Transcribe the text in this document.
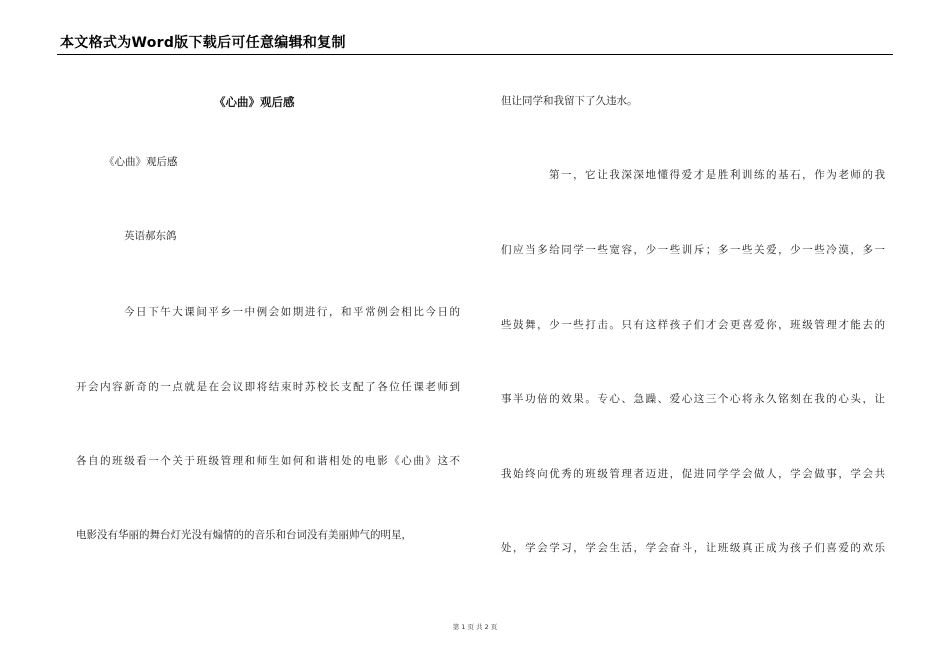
本文格式为Word版下载后可任意编辑和复制
《心曲》观后感
《心曲》观后感
英语郝东鸽
今日下午大课间平乡一中例会如期进行，和平常例会相比今日的
开会内容新奇的一点就是在会议即将结束时苏校长支配了各位任课老师到
各自的班级看一个关于班级管理和师生如何和谐相处的电影《心曲》这不
电影没有华丽的舞台灯光没有煽情的的音乐和台词没有美丽帅气的明星，
但让同学和我留下了久违水。
第一，它让我深深地懂得爱才是胜利训练的基石，作为老师的我
们应当多给同学一些宽容，少一些训斥；多一些关爱，少一些冷漠，多一
些鼓舞，少一些打击。只有这样孩子们才会更喜爱你，班级管理才能去的
事半功倍的效果。专心、急躁、爱心这三个心将永久铭刻在我的心头，让
我始终向优秀的班级管理者迈进，促进同学学会做人，学会做事，学会共
处，学会学习，学会生活，学会奋斗，让班级真正成为孩子们喜爱的欢乐
第 1 页 共 2 页
